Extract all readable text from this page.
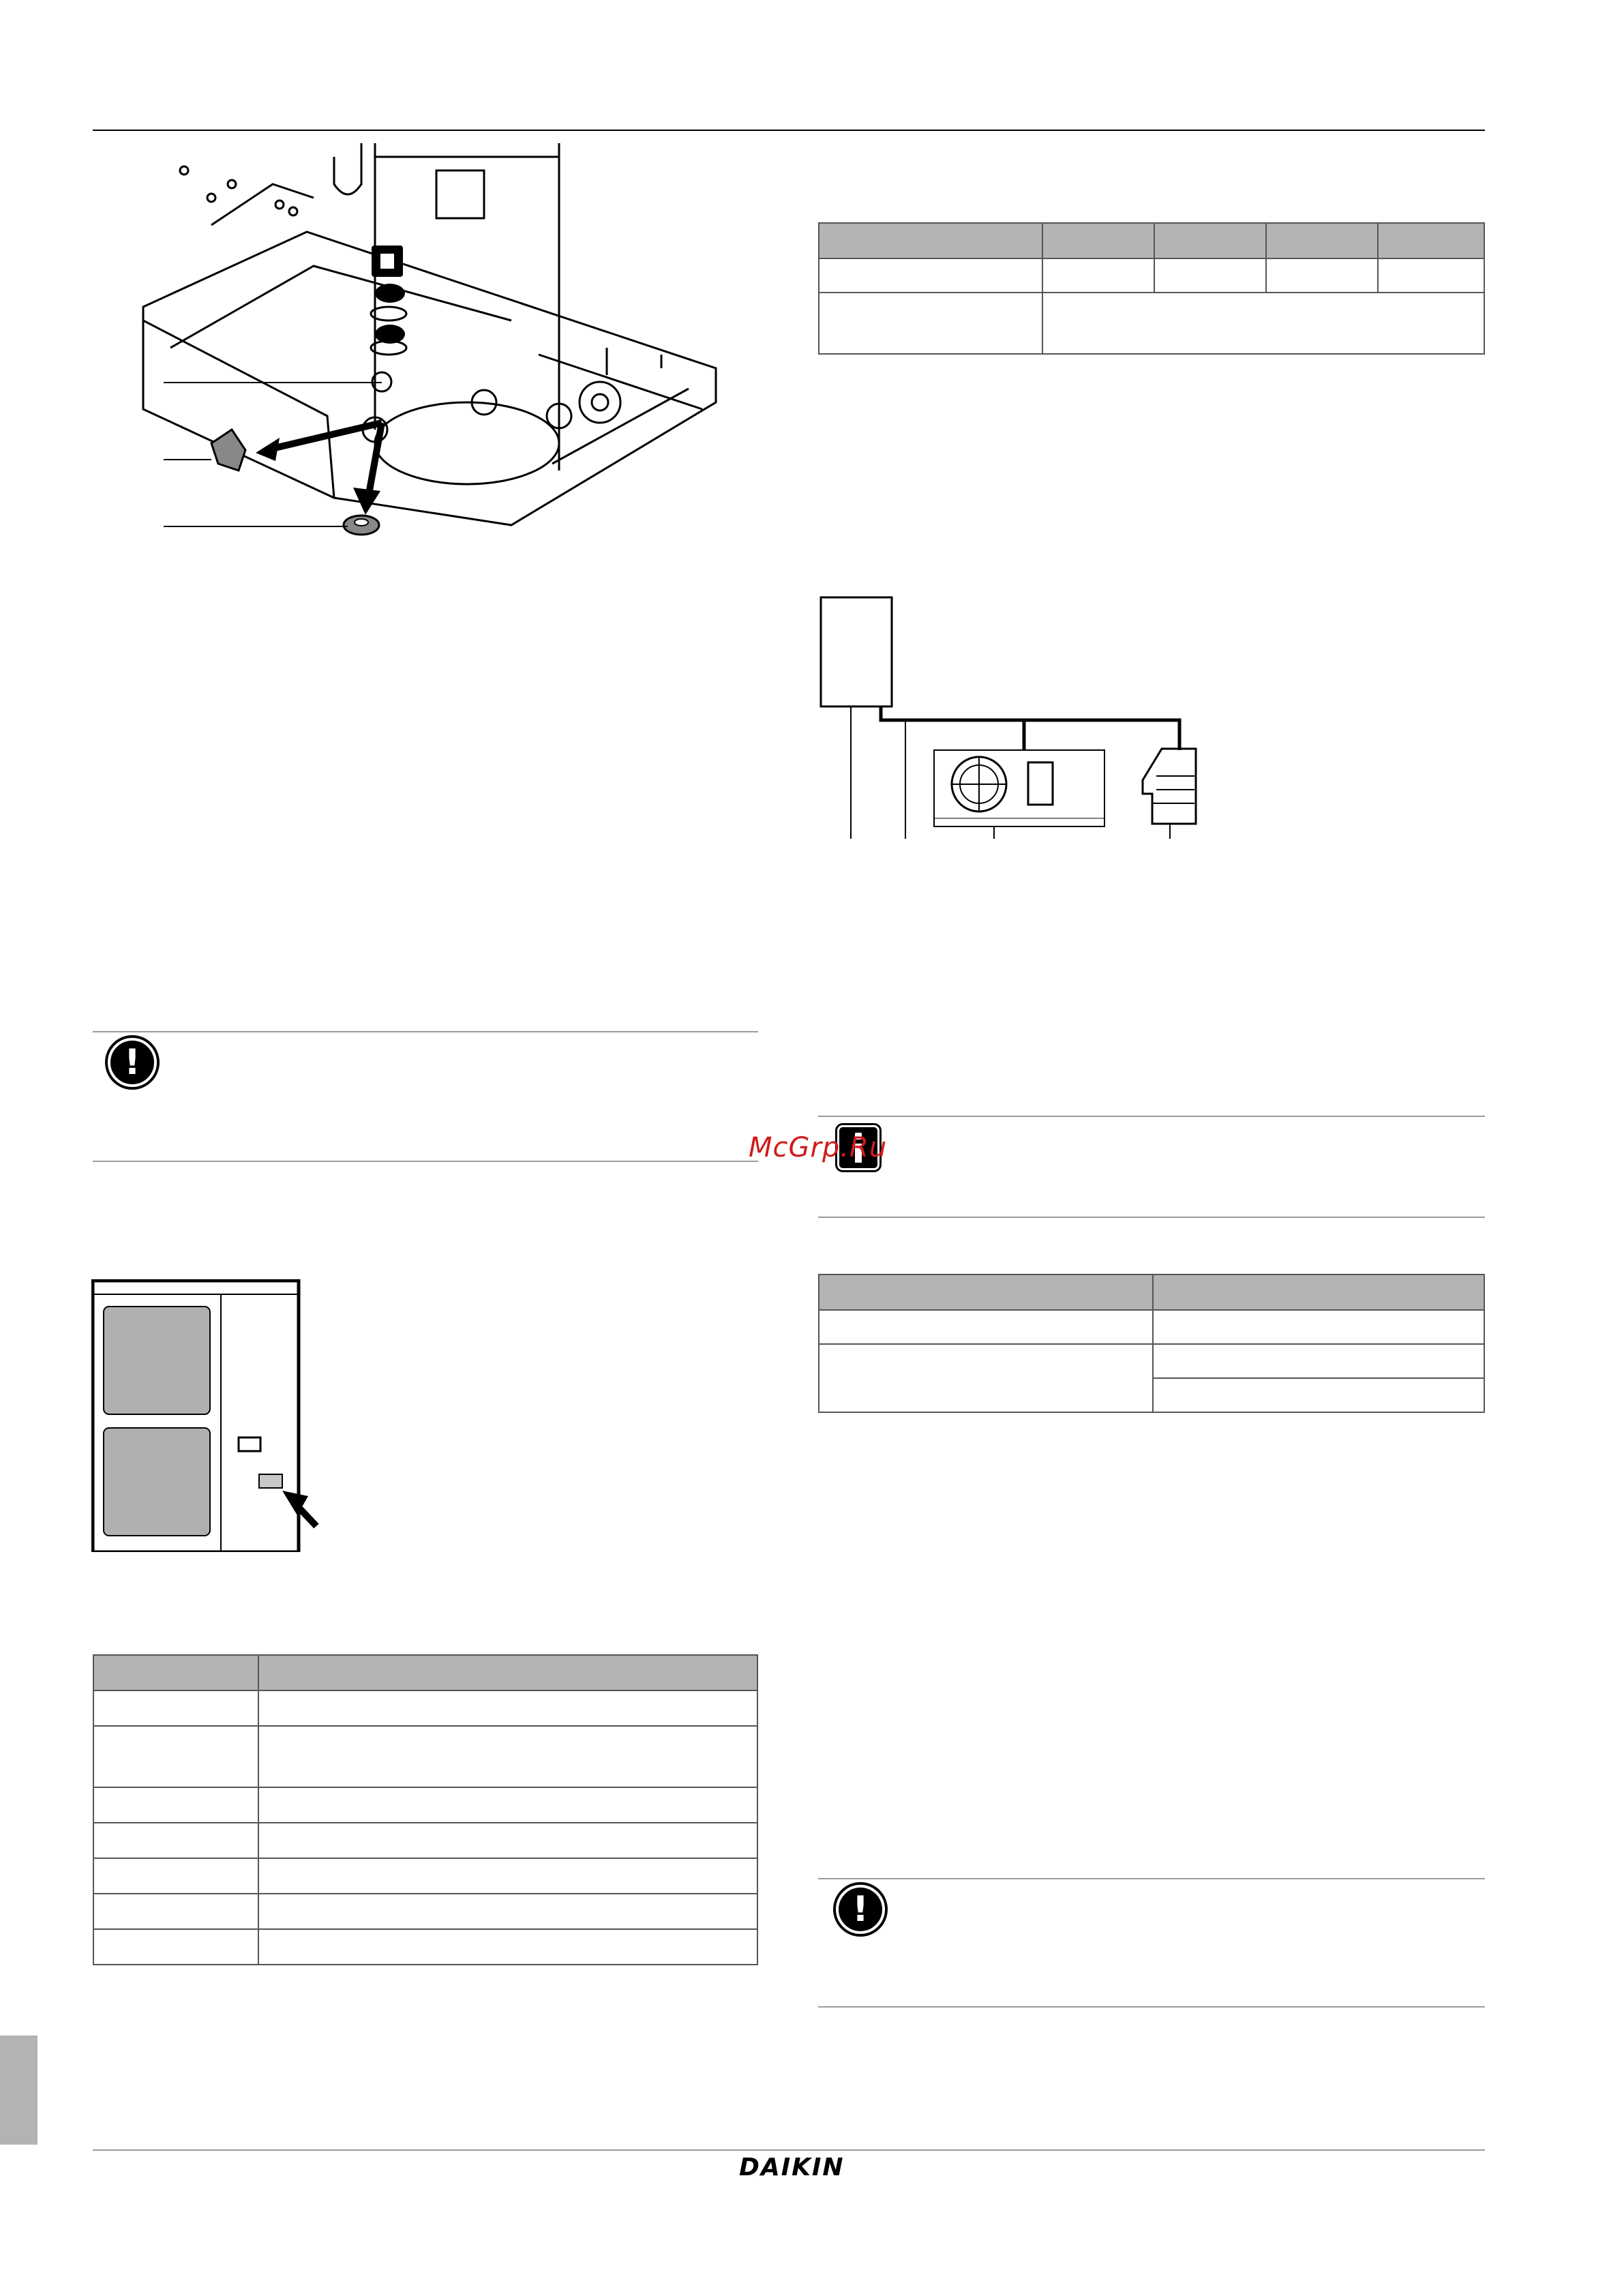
!

McGrp.Ru

!
DAIKIN
